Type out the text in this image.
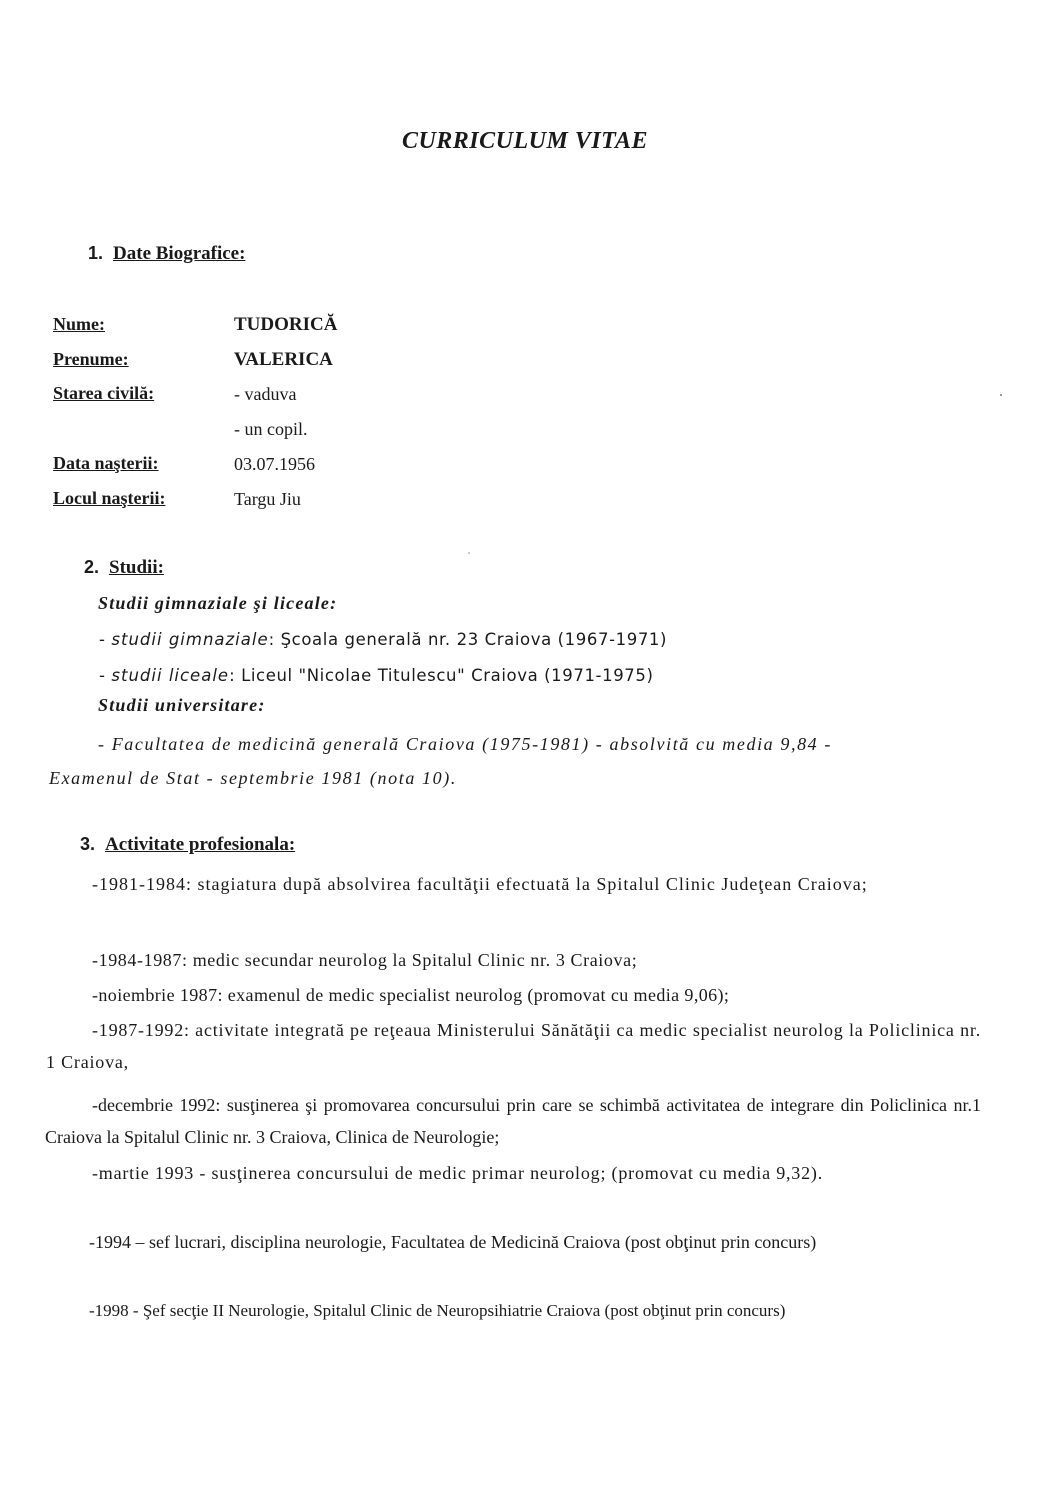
CURRICULUM VITAE
1. Date Biografice:
Nume:	TUDORICĂ
Prenume:	VALERICA
Starea civilă:	- vaduva
- un copil.
Data naşterii:	03.07.1956
Locul naşterii:	Targu Jiu
2. Studii:
Studii gimnaziale şi liceale:
- studii gimnaziale: Şcoala generală nr. 23 Craiova (1967-1971)
- studii liceale: Liceul "Nicolae Titulescu" Craiova (1971-1975)
Studii universitare:
- Facultatea de medicină generală Craiova (1975-1981) - absolvită cu media 9,84 -
Examenul de Stat - septembrie 1981 (nota 10).
3. Activitate profesionala:
-1981-1984: stagiatura după absolvirea facultăţii efectuată la Spitalul Clinic Judeţean Craiova;
-1984-1987: medic secundar neurolog la Spitalul Clinic nr. 3 Craiova;
-noiembrie 1987: examenul de medic specialist neurolog (promovat cu media 9,06);
-1987-1992: activitate integrată pe reţeaua Ministerului Sănătăţii ca medic specialist neurolog la Policlinica nr. 1 Craiova,
-decembrie 1992: susţinerea şi promovarea concursului prin care se schimbă activitatea de integrare din Policlinica nr.1 Craiova la Spitalul Clinic nr. 3 Craiova, Clinica de Neurologie;
-martie 1993 - susţinerea concursului de medic primar neurolog; (promovat cu media 9,32).
-1994 – sef lucrari, disciplina neurologie, Facultatea de Medicină Craiova (post obţinut prin concurs)
-1998 - Şef secţie II Neurologie, Spitalul Clinic de Neuropsihiatrie Craiova (post obţinut prin concurs)
